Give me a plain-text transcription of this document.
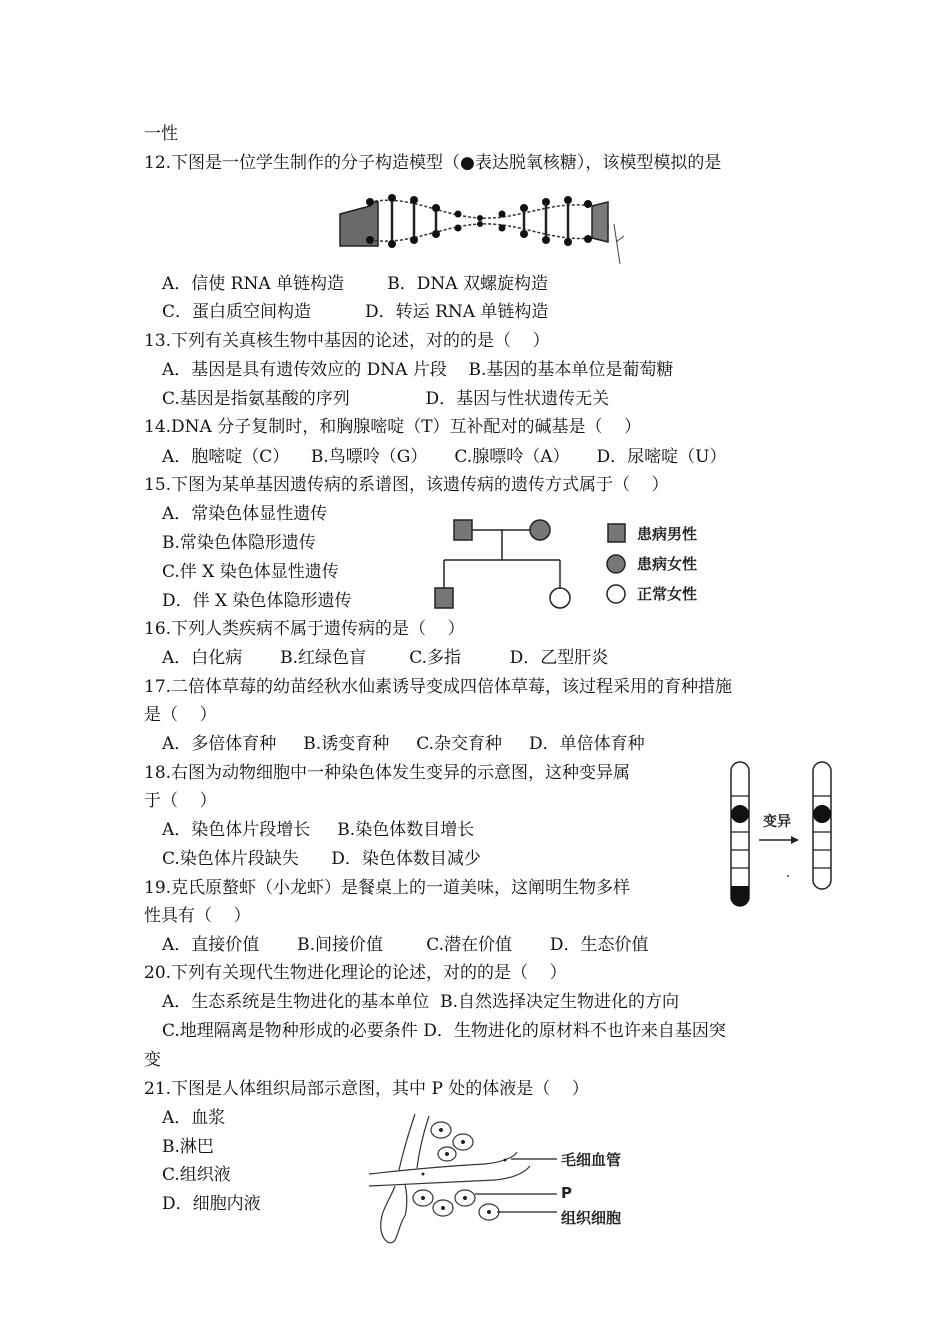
一性
12.下图是一位学生制作的分子构造模型（●表达脱氧核糖），该模型模拟的是
A．信使 RNA 单链构造        B．DNA 双螺旋构造
C．蛋白质空间构造          D．转运 RNA 单链构造
13.下列有关真核生物中基因的论述，对的的是（    ）
A．基因是具有遗传效应的 DNA 片段    B.基因的基本单位是葡萄糖
C.基因是指氨基酸的序列              D．基因与性状遗传无关
14.DNA 分子复制时，和胸腺嘧啶（T）互补配对的碱基是（    ）
A．胞嘧啶（C）    B.鸟嘌呤（G）     C.腺嘌呤（A）     D．尿嘧啶（U）
15.下图为某单基因遗传病的系谱图，该遗传病的遗传方式属于（    ）
A．常染色体显性遗传
B.常染色体隐形遗传
C.伴 X 染色体显性遗传
D．伴 X 染色体隐形遗传
16.下列人类疾病不属于遗传病的是（    ）
A．白化病       B.红绿色盲        C.多指         D．乙型肝炎
17.二倍体草莓的幼苗经秋水仙素诱导变成四倍体草莓，该过程采用的育种措施
是（    ）
A．多倍体育种     B.诱变育种     C.杂交育种     D．单倍体育种
18.右图为动物细胞中一种染色体发生变异的示意图，这种变异属
于（    ）
A．染色体片段增长     B.染色体数目增长
C.染色体片段缺失      D．染色体数目减少
19.克氏原螯虾（小龙虾）是餐桌上的一道美味，这阐明生物多样
性具有（    ）
A．直接价值       B.间接价值        C.潜在价值       D．生态价值
20.下列有关现代生物进化理论的论述，对的的是（    ）
A．生态系统是生物进化的基本单位  B.自然选择决定生物进化的方向
C.地理隔离是物种形成的必要条件 D．生物进化的原材料不也许来自基因突
变
21.下图是人体组织局部示意图，其中 P 处的体液是（    ）
A．血浆
B.淋巴
C.组织液
D．细胞内液
患病男性
患病女性
正常女性
变异
毛细血管
P
组织细胞
